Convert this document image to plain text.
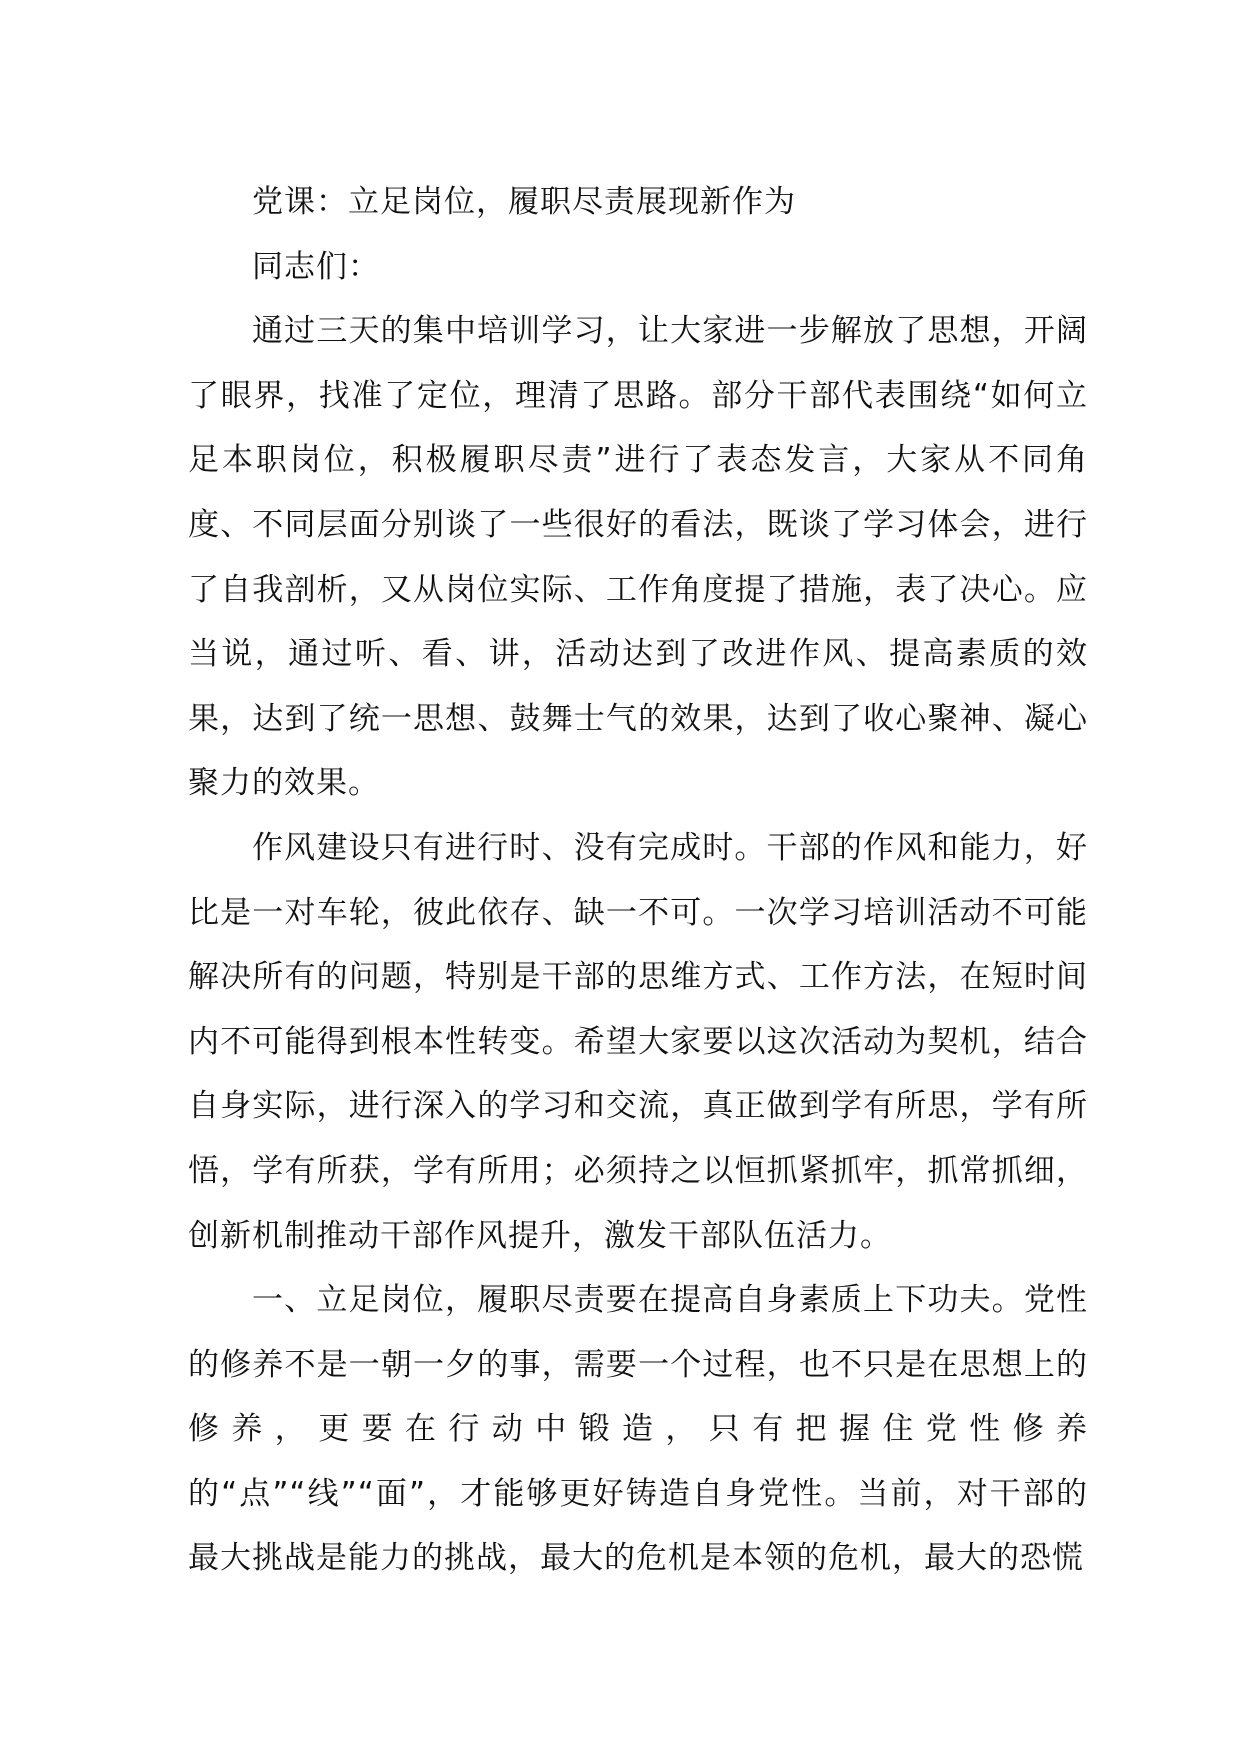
党课：立足岗位，履职尽责展现新作为

同志们：

通过三天的集中培训学习，让大家进一步解放了思想，开阔了眼界，找准了定位，理清了思路。部分干部代表围绕“如何立足本职岗位，积极履职尽责”进行了表态发言，大家从不同角度、不同层面分别谈了一些很好的看法，既谈了学习体会，进行了自我剖析，又从岗位实际、工作角度提了措施，表了决心。应当说，通过听、看、讲，活动达到了改进作风、提高素质的效果，达到了统一思想、鼓舞士气的效果，达到了收心聚神、凝心聚力的效果。

作风建设只有进行时、没有完成时。干部的作风和能力，好比是一对车轮，彼此依存、缺一不可。一次学习培训活动不可能解决所有的问题，特别是干部的思维方式、工作方法，在短时间内不可能得到根本性转变。希望大家要以这次活动为契机，结合自身实际，进行深入的学习和交流，真正做到学有所思，学有所悟，学有所获，学有所用；必须持之以恒抓紧抓牢，抓常抓细，创新机制推动干部作风提升，激发干部队伍活力。

一、立足岗位，履职尽责要在提高自身素质上下功夫。党性的修养不是一朝一夕的事，需要一个过程，也不只是在思想上的修养，更要在行动中锻造，只有把握住党性修养的“点”“线”“面”，才能够更好铸造自身党性。当前，对干部的最大挑战是能力的挑战，最大的危机是本领的危机，最大的恐慌
